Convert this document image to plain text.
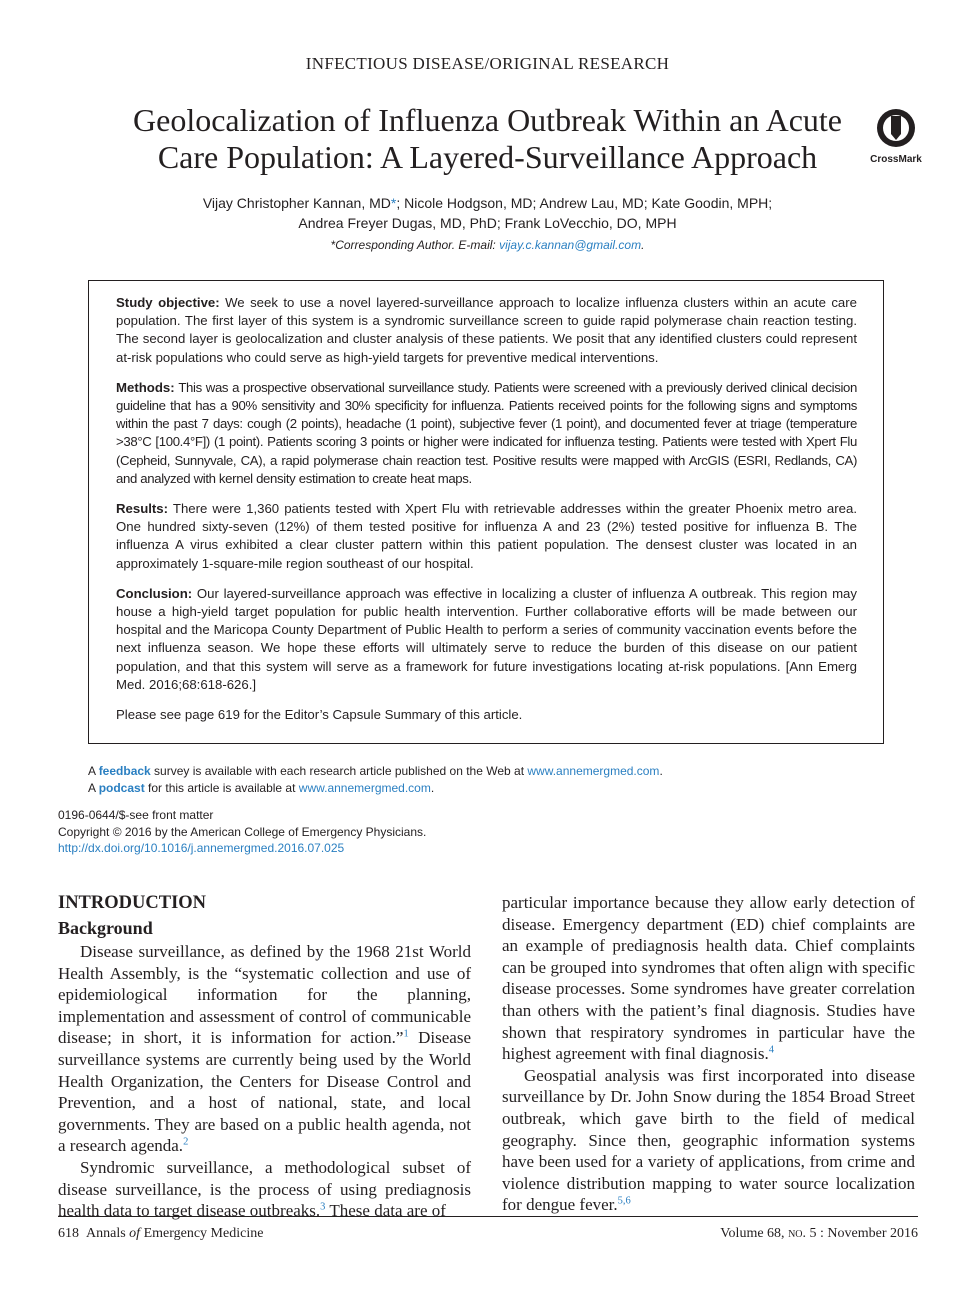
INFECTIOUS DISEASE/ORIGINAL RESEARCH
Geolocalization of Influenza Outbreak Within an Acute
Care Population: A Layered-Surveillance Approach	CrossMark
Vijay Christopher Kannan, MD*; Nicole Hodgson, MD; Andrew Lau, MD; Kate Goodin, MPH;
Andrea Freyer Dugas, MD, PhD; Frank LoVecchio, DO, MPH
*Corresponding Author. E-mail: vijay.c.kannan@gmail.com.

Study objective: We seek to use a novel layered-surveillance approach to localize influenza clusters within an acute care population. The first layer of this system is a syndromic surveillance screen to guide rapid polymerase chain reaction testing. The second layer is geolocalization and cluster analysis of these patients. We posit that any identified clusters could represent at-risk populations who could serve as high-yield targets for preventive medical interventions.

Methods: This was a prospective observational surveillance study. Patients were screened with a previously derived clinical decision guideline that has a 90% sensitivity and 30% specificity for influenza. Patients received points for the following signs and symptoms within the past 7 days: cough (2 points), headache (1 point), subjective fever (1 point), and documented fever at triage (temperature >38°C [100.4°F]) (1 point). Patients scoring 3 points or higher were indicated for influenza testing. Patients were tested with Xpert Flu (Cepheid, Sunnyvale, CA), a rapid polymerase chain reaction test. Positive results were mapped with ArcGIS (ESRI, Redlands, CA) and analyzed with kernel density estimation to create heat maps.

Results: There were 1,360 patients tested with Xpert Flu with retrievable addresses within the greater Phoenix metro area. One hundred sixty-seven (12%) of them tested positive for influenza A and 23 (2%) tested positive for influenza B. The influenza A virus exhibited a clear cluster pattern within this patient population. The densest cluster was located in an approximately 1-square-mile region southeast of our hospital.

Conclusion: Our layered-surveillance approach was effective in localizing a cluster of influenza A outbreak. This region may house a high-yield target population for public health intervention. Further collaborative efforts will be made between our hospital and the Maricopa County Department of Public Health to perform a series of community vaccination events before the next influenza season. We hope these efforts will ultimately serve to reduce the burden of this disease on our patient population, and that this system will serve as a framework for future investigations locating at-risk populations. [Ann Emerg Med. 2016;68:618-626.]

Please see page 619 for the Editor’s Capsule Summary of this article.

A feedback survey is available with each research article published on the Web at www.annemergmed.com.
A podcast for this article is available at www.annemergmed.com.
0196-0644/$-see front matter
Copyright © 2016 by the American College of Emergency Physicians.
http://dx.doi.org/10.1016/j.annemergmed.2016.07.025
INTRODUCTION
Background

Disease surveillance, as defined by the 1968 21st World Health Assembly, is the “systematic collection and use of epidemiological information for the planning, implementation and assessment of control of communicable disease; in short, it is information for action.”$^1$ Disease surveillance systems are currently being used by the World Health Organization, the Centers for Disease Control and Prevention, and a host of national, state, and local governments. They are based on a public health agenda, not a research agenda.$^2$

Syndromic surveillance, a methodological subset of disease surveillance, is the process of using prediagnosis health data to target disease outbreaks.$^3$ These data are of

particular importance because they allow early detection of disease. Emergency department (ED) chief complaints are an example of prediagnosis health data. Chief complaints can be grouped into syndromes that often align with specific disease processes. Some syndromes have greater correlation than others with the patient’s final diagnosis. Studies have shown that respiratory syndromes in particular have the highest agreement with final diagnosis.$^4$

Geospatial analysis was first incorporated into disease surveillance by Dr. John Snow during the 1854 Broad Street outbreak, which gave birth to the field of medical geography. Since then, geographic information systems have been used for a variety of applications, from crime and violence distribution mapping to water source localization for dengue fever.$^{5,6}$

618 Annals of Emergency Medicine	Volume 68, no. 5 : November 2016
